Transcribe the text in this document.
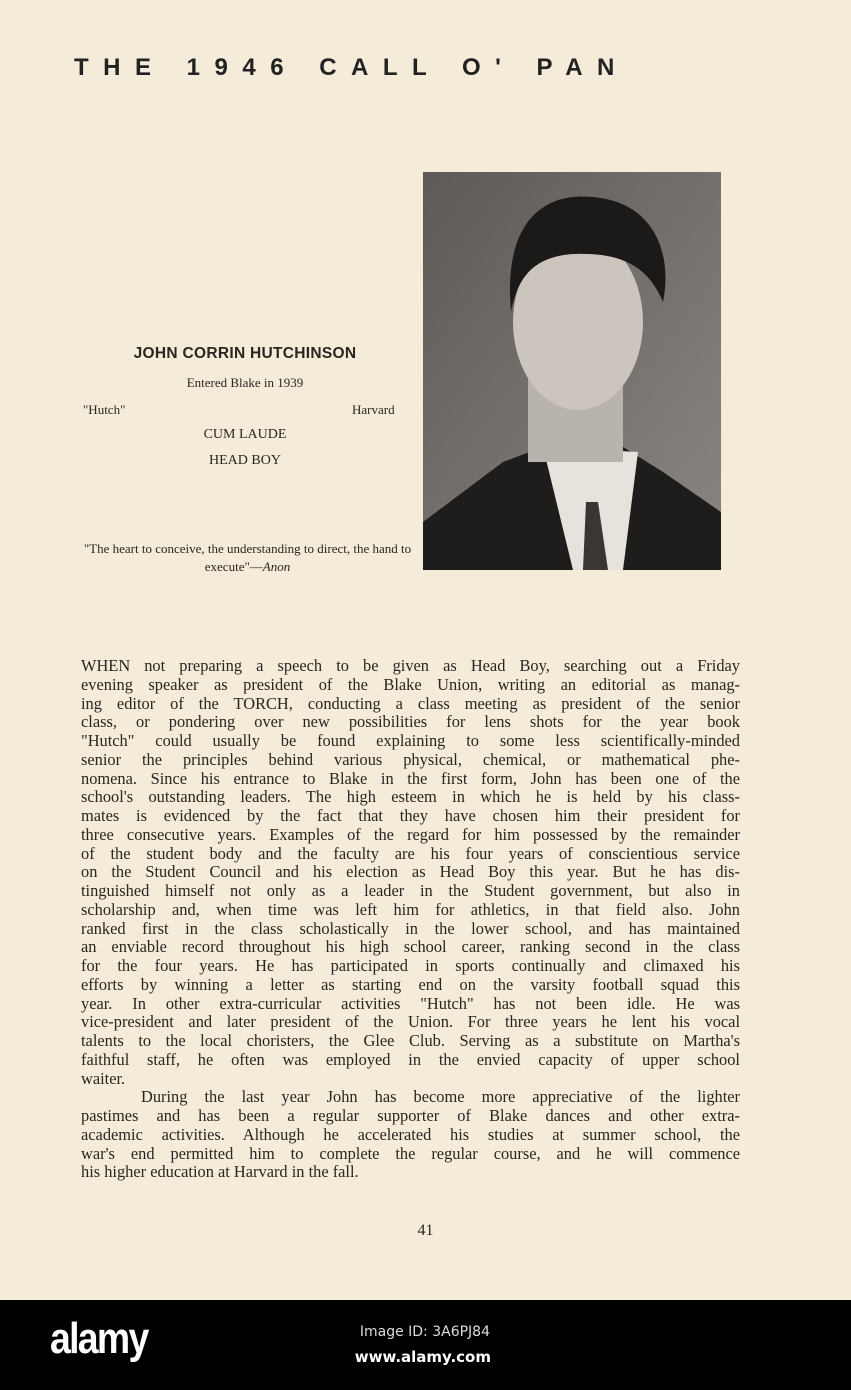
THE 1946 CALL O' PAN
JOHN CORRIN HUTCHINSON
Entered Blake in 1939
"Hutch"	Harvard
CUM LAUDE
HEAD BOY
"The heart to conceive, the understanding to direct, the hand to execute"—Anon
WHEN not preparing a speech to be given as Head Boy, searching out a Friday
evening speaker as president of the Blake Union, writing an editorial as manag-
ing editor of the TORCH, conducting a class meeting as president of the senior
class, or pondering over new possibilities for lens shots for the year book
"Hutch" could usually be found explaining to some less scientifically-minded
senior the principles behind various physical, chemical, or mathematical phe-
nomena. Since his entrance to Blake in the first form, John has been one of the
school's outstanding leaders. The high esteem in which he is held by his class-
mates is evidenced by the fact that they have chosen him their president for
three consecutive years. Examples of the regard for him possessed by the remainder
of the student body and the faculty are his four years of conscientious service
on the Student Council and his election as Head Boy this year. But he has dis-
tinguished himself not only as a leader in the Student government, but also in
scholarship and, when time was left him for athletics, in that field also. John
ranked first in the class scholastically in the lower school, and has maintained
an enviable record throughout his high school career, ranking second in the class
for the four years. He has participated in sports continually and climaxed his
efforts by winning a letter as starting end on the varsity football squad this
year. In other extra-curricular activities "Hutch" has not been idle. He was
vice-president and later president of the Union. For three years he lent his vocal
talents to the local choristers, the Glee Club. Serving as a substitute on Martha's
faithful staff, he often was employed in the envied capacity of upper school
waiter.
During the last year John has become more appreciative of the lighter
pastimes and has been a regular supporter of Blake dances and other extra-
academic activities. Although he accelerated his studies at summer school, the
war's end permitted him to complete the regular course, and he will commence
his higher education at Harvard in the fall.
41
alamy	Image ID: 3A6PJ84
www.alamy.com
